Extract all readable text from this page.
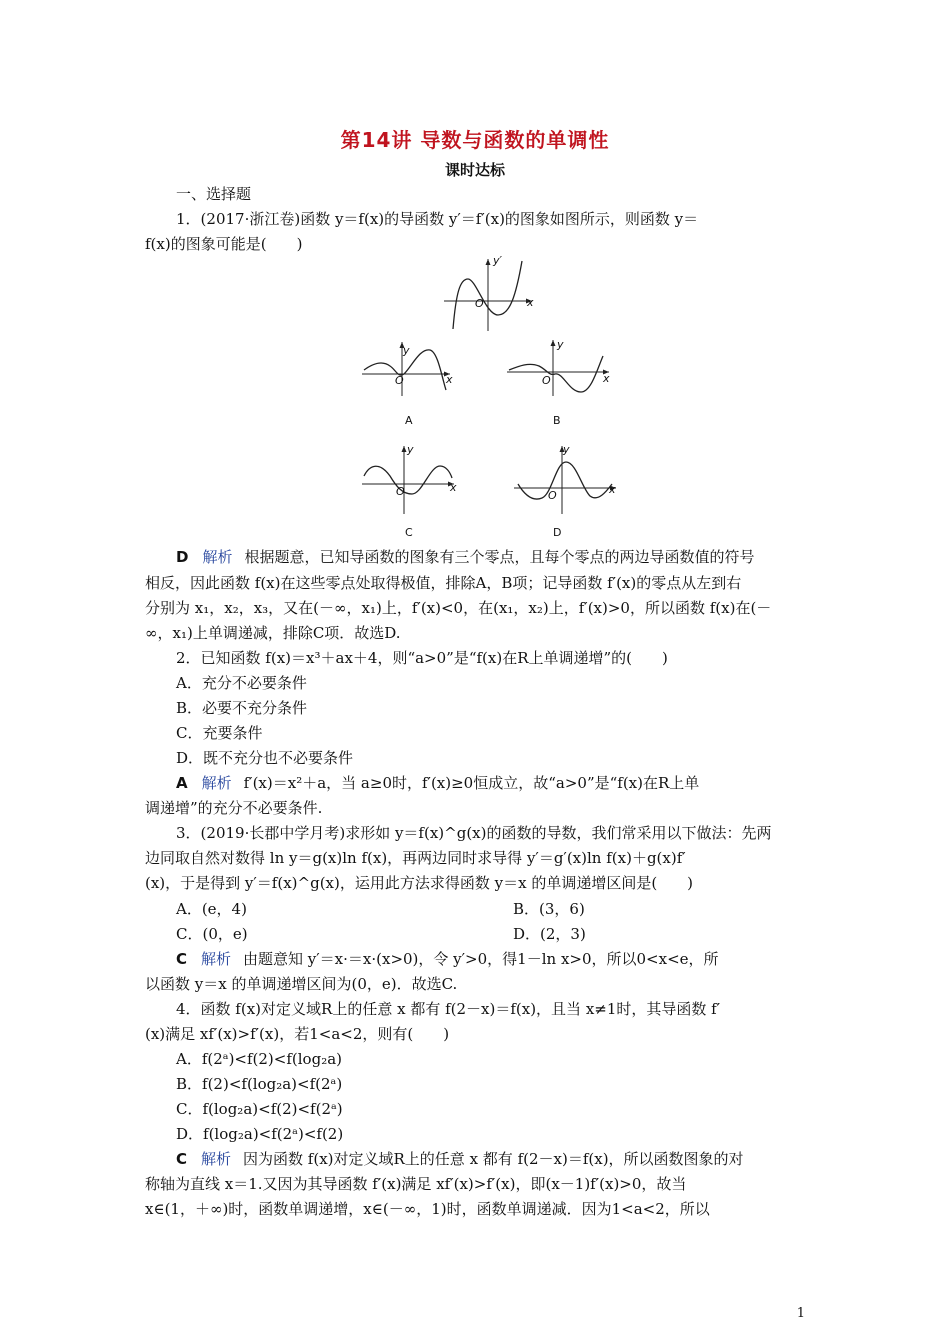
第14讲 导数与函数的单调性
课时达标
一、选择题
1．(2017·浙江卷)函数 y＝f(x)的导函数 y′＝f′(x)的图象如图所示，则函数 y＝
f(x)的图象可能是(　　)
y′
O	x
y
O	x
A
y
O	x
B
y
O	x
C
y
O	x
D
D 解析 根据题意，已知导函数的图象有三个零点，且每个零点的两边导函数值的符号
相反，因此函数 f(x)在这些零点处取得极值，排除A，B项；记导函数 f′(x)的零点从左到右
分别为 x₁，x₂，x₃，又在(－∞，x₁)上，f′(x)<0，在(x₁，x₂)上，f′(x)>0，所以函数 f(x)在(－
∞，x₁)上单调递减，排除C项．故选D.
2．已知函数 f(x)＝x³＋ax＋4，则“a>0”是“f(x)在R上单调递增”的(　　)
A．充分不必要条件
B．必要不充分条件
C．充要条件
D．既不充分也不必要条件
A 解析 f′(x)＝x²＋a，当 a≥0时，f′(x)≥0恒成立，故“a>0”是“f(x)在R上单
调递增”的充分不必要条件.
3．(2019·长郡中学月考)求形如 y＝f(x)^g(x)的函数的导数，我们常采用以下做法：先两
边同取自然对数得 ln y＝g(x)ln f(x)，再两边同时求导得 y′＝g′(x)ln f(x)＋g(x)f′
(x)，于是得到 y′＝f(x)^g(x)，运用此方法求得函数 y＝x 的单调递增区间是(　　)
A．(e，4)	B．(3，6)
C．(0，e)	D．(2，3)
C 解析 由题意知 y′＝x·＝x·(x>0)，令 y′>0，得1－ln x>0，所以0<x<e，所
以函数 y＝x 的单调递增区间为(0，e)．故选C.
4．函数 f(x)对定义域R上的任意 x 都有 f(2－x)＝f(x)，且当 x≠1时，其导函数 f′
(x)满足 xf′(x)>f′(x)，若1<a<2，则有(　　)
A．f(2ᵃ)<f(2)<f(log₂a)
B．f(2)<f(log₂a)<f(2ᵃ)
C．f(log₂a)<f(2)<f(2ᵃ)
D．f(log₂a)<f(2ᵃ)<f(2)
C 解析 因为函数 f(x)对定义域R上的任意 x 都有 f(2－x)＝f(x)，所以函数图象的对
称轴为直线 x＝1.又因为其导函数 f′(x)满足 xf′(x)>f′(x)，即(x－1)f′(x)>0，故当
x∈(1，＋∞)时，函数单调递增，x∈(－∞，1)时，函数单调递减．因为1<a<2，所以
1
